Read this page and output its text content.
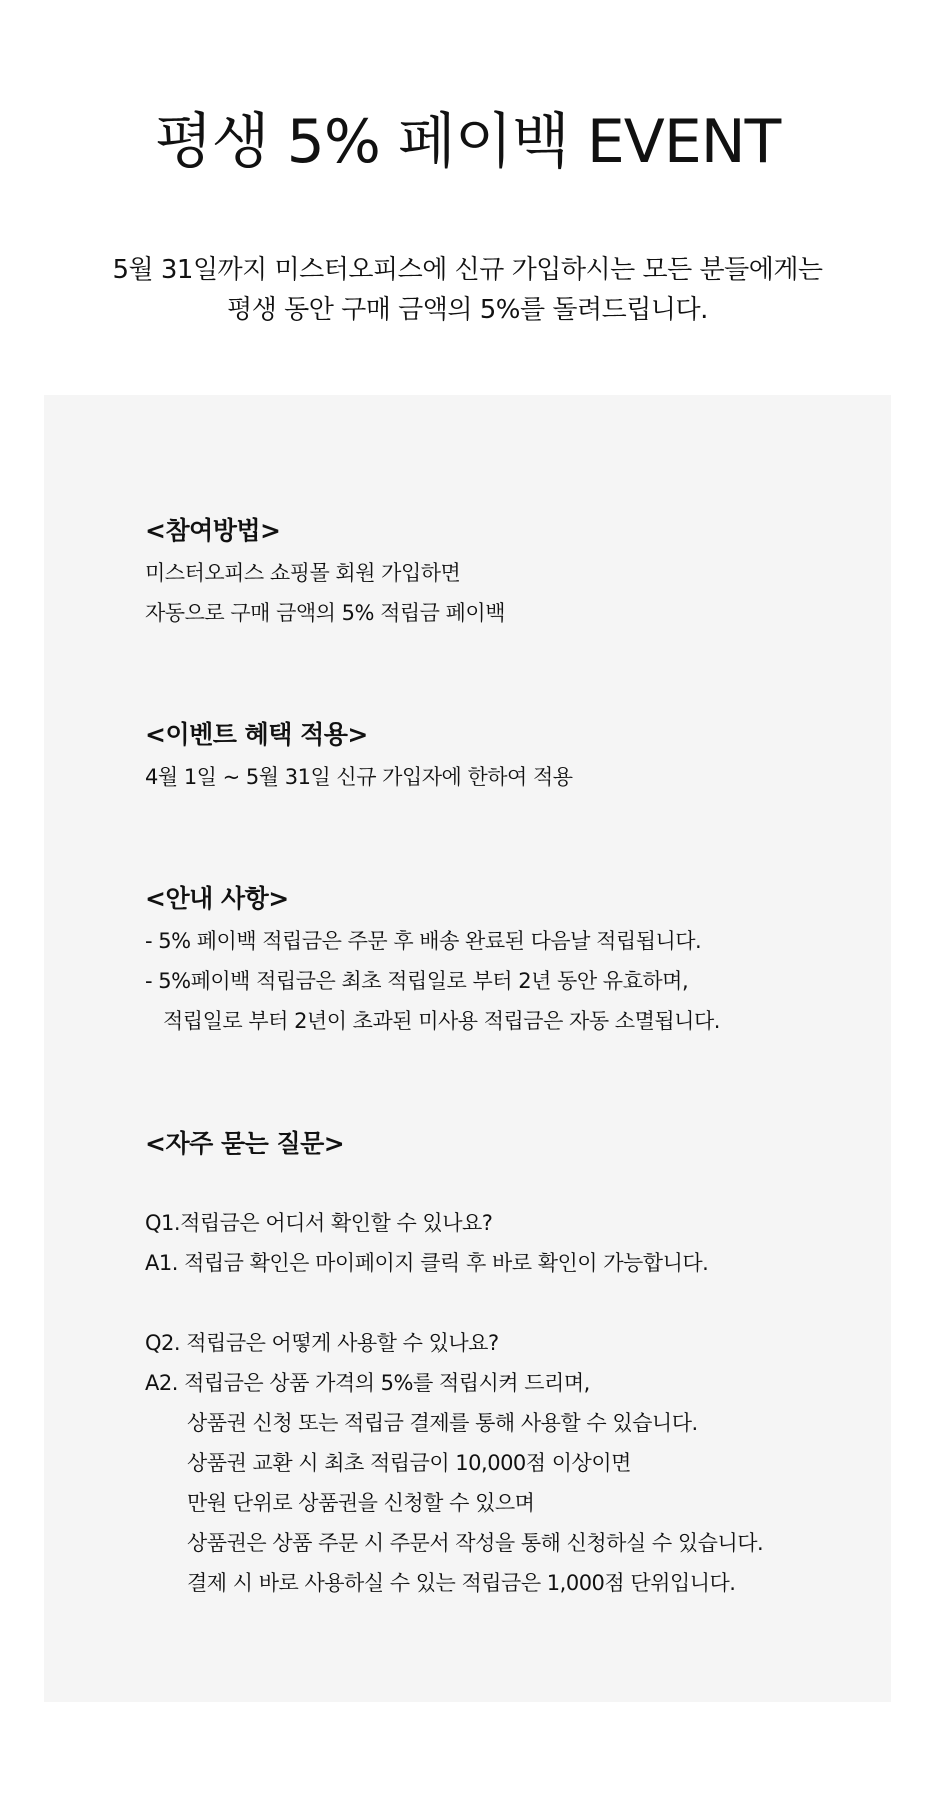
평생 5% 페이백 EVENT

5월 31일까지 미스터오피스에 신규 가입하시는 모든 분들에게는
평생 동안 구매 금액의 5%를 돌려드립니다.

<참여방법>

미스터오피스 쇼핑몰 회원 가입하면

자동으로 구매 금액의 5% 적립금 페이백

<이벤트 혜택 적용>

4월 1일 ~ 5월 31일 신규 가입자에 한하여 적용

<안내 사항>

- 5% 페이백 적립금은 주문 후 배송 완료된 다음날 적립됩니다.

- 5%페이백 적립금은 최초 적립일로 부터 2년 동안 유효하며,

적립일로 부터 2년이 초과된 미사용 적립금은 자동 소멸됩니다.

<자주 묻는 질문>

Q1.적립금은 어디서 확인할 수 있나요?

A1. 적립금 확인은 마이페이지 클릭 후 바로 확인이 가능합니다.

Q2. 적립금은 어떻게 사용할 수 있나요?

A2. 적립금은 상품 가격의 5%를 적립시켜 드리며,

상품권 신청 또는 적립금 결제를 통해 사용할 수 있습니다.

상품권 교환 시 최초 적립금이 10,000점 이상이면

만원 단위로 상품권을 신청할 수 있으며

상품권은 상품 주문 시 주문서 작성을 통해 신청하실 수 있습니다.

결제 시 바로 사용하실 수 있는 적립금은 1,000점 단위입니다.
